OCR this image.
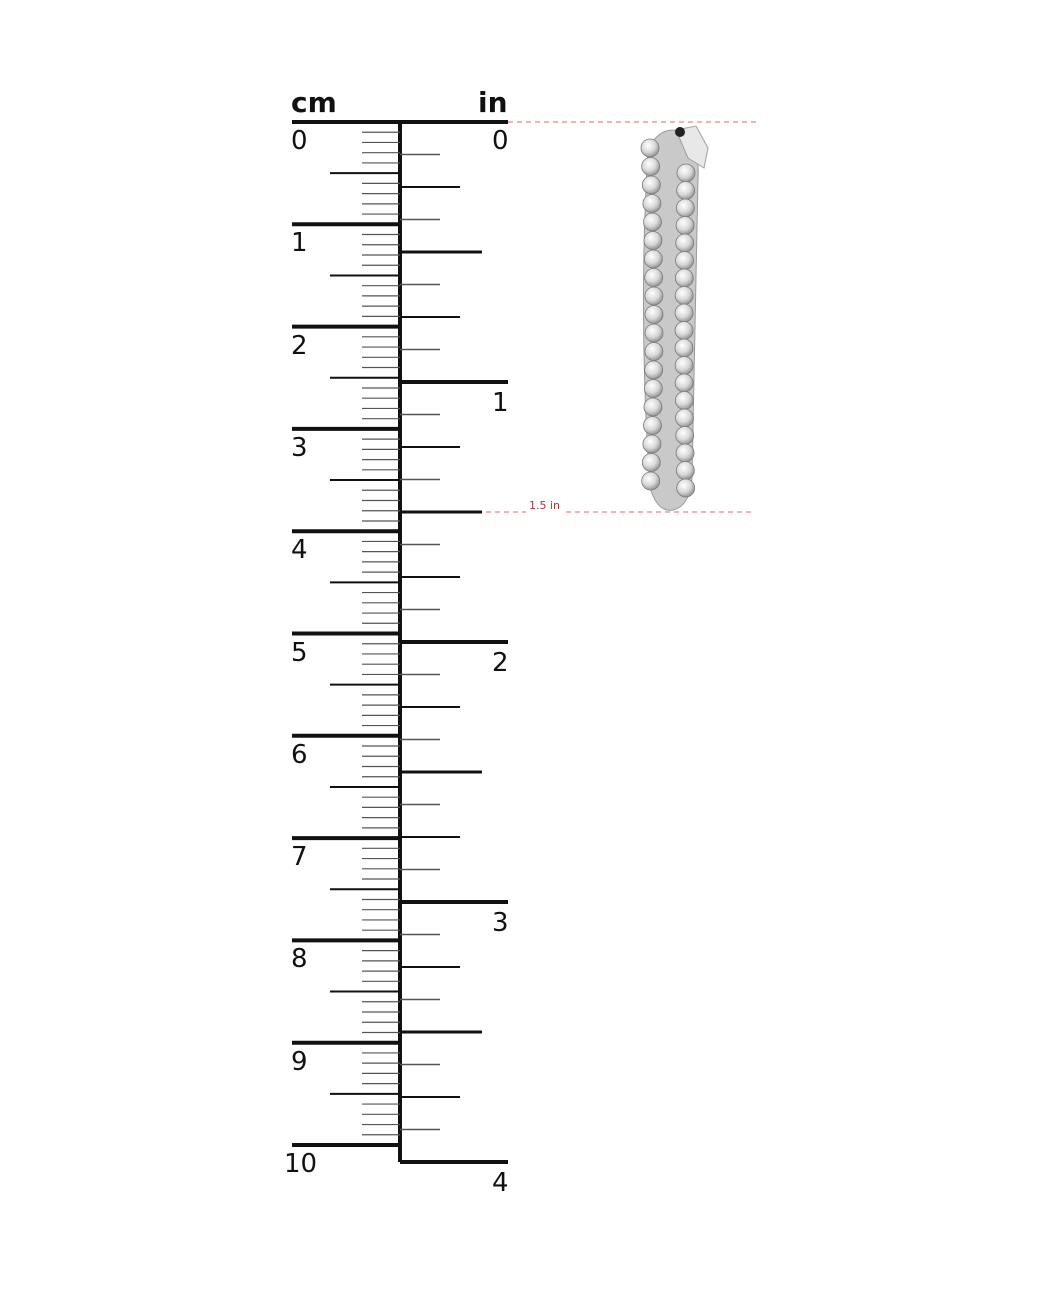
cm	in
0
1
2
3
4
5
6
7
8
9
10
0
1
2
3
4
1.5 in
